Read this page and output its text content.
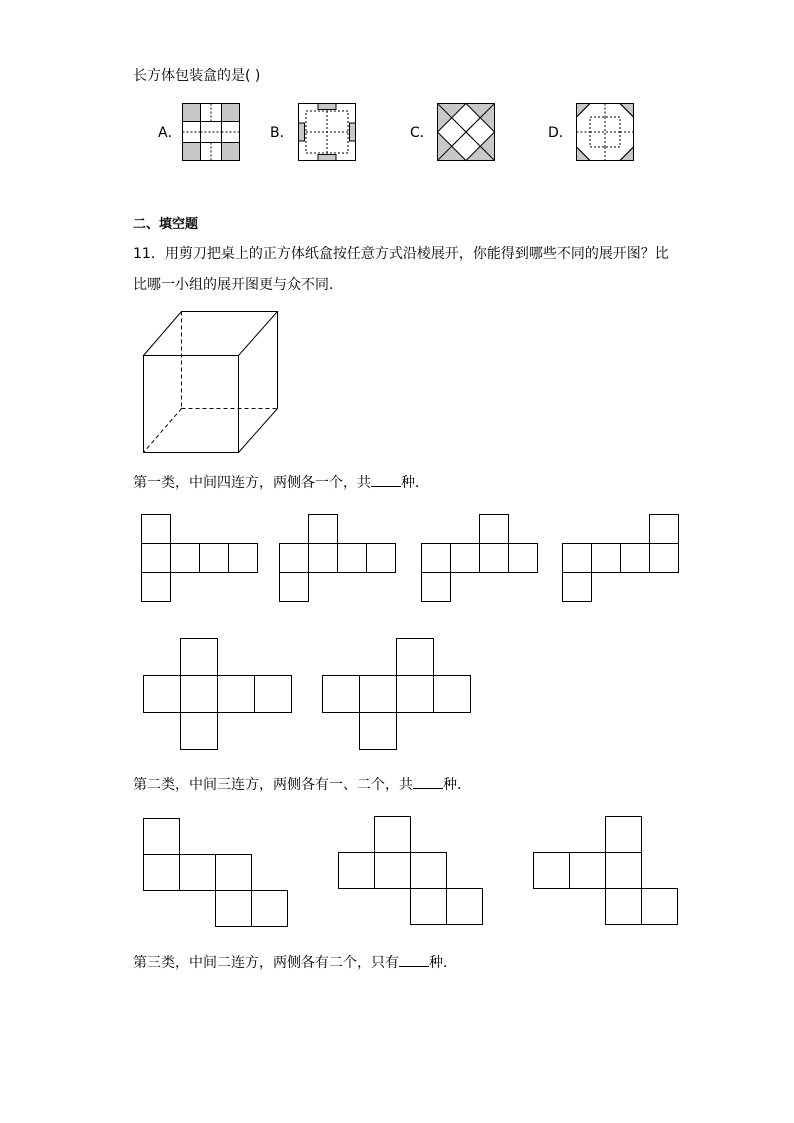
长方体包装盒的是( )
A．	B．	C．	D．
二、填空题
11．用剪刀把桌上的正方体纸盒按任意方式沿棱展开，你能得到哪些不同的展开图？比
比哪一小组的展开图更与众不同．
第一类，中间四连方，两侧各一个，共 种．
第二类，中间三连方，两侧各有一、二个，共 种．
第三类，中间二连方，两侧各有二个，只有 种．
